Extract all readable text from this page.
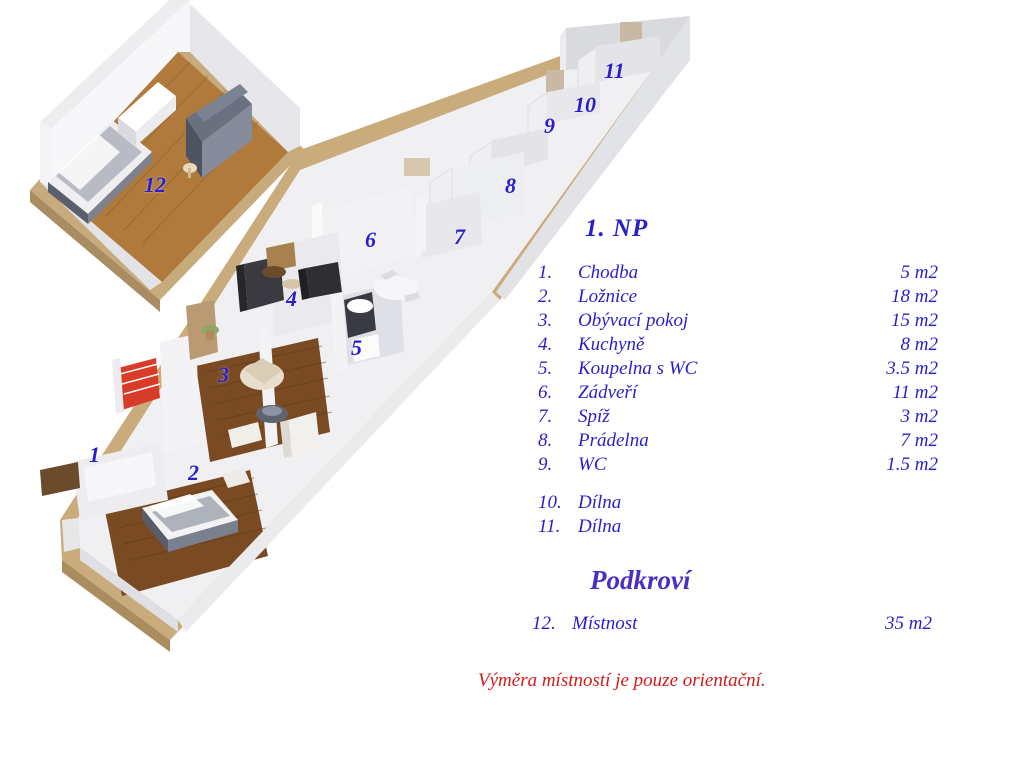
12
11
10
9
8
7
6
4
5
3
2
1
1. NP
1.	Chodba	5 m2
2.	Ložnice	18 m2
3.	Obývací pokoj	15 m2
4.	Kuchyně	8 m2
5.	Koupelna s WC	3.5 m2
6.	Zádveří	11 m2
7.	Spíž	3 m2
8.	Prádelna	7 m2
9.	WC	1.5 m2

10.	Dílna	
11.	Dílna	
Podkroví
12.	Místnost	35 m2
Výměra místností je pouze orientační.
